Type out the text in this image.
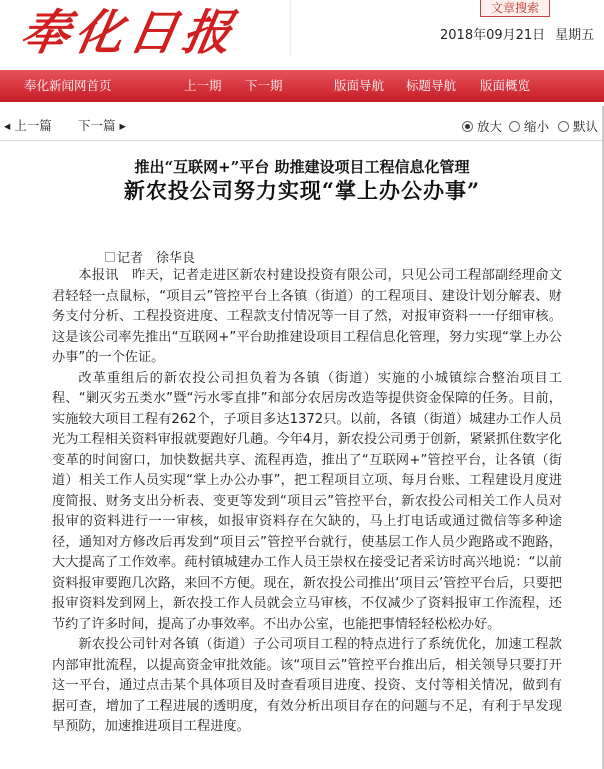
奉化日报	文章搜索
2018年09月21日 星期五
奉化新闻网首页	上一期 下一期	版面导航 标题导航 版面概览
◂ 上一篇 下一篇 ▸	放大	缩小	默认
推出“互联网+”平台 助推建设项目工程信息化管理
新农投公司努力实现“掌上办公办事”
记者　徐华良

本报讯　昨天，记者走进区新农村建设投资有限公司，只见公司工程部副经理俞文君轻轻一点鼠标，“项目云”管控平台上各镇（街道）的工程项目、建设计划分解表、财务支付分析、工程投资进度、工程款支付情况等一目了然，对报审资料一一仔细审核。这是该公司率先推出“互联网+”平台助推建设项目工程信息化管理，努力实现“掌上办公办事”的一个佐证。

改革重组后的新农投公司担负着为各镇（街道）实施的小城镇综合整治项目工程、“剿灭劣五类水”暨“污水零直排”和部分农居房改造等提供资金保障的任务。目前，实施较大项目工程有262个，子项目多达1372只。以前，各镇（街道）城建办工作人员光为工程相关资料审报就要跑好几趟。今年4月，新农投公司勇于创新，紧紧抓住数字化变革的时间窗口，加快数据共享、流程再造，推出了“互联网+”管控平台，让各镇（街道）相关工作人员实现“掌上办公办事”，把工程项目立项、每月台账、工程建设月度进度简报、财务支出分析表、变更等发到“项目云”管控平台，新农投公司相关工作人员对报审的资料进行一一审核，如报审资料存在欠缺的，马上打电话或通过微信等多种途径，通知对方修改后再发到“项目云”管控平台就行，使基层工作人员少跑路或不跑路，大大提高了工作效率。莼村镇城建办工作人员王崇权在接受记者采访时高兴地说：“以前资料报审要跑几次路，来回不方便。现在，新农投公司推出‘项目云’管控平台后，只要把报审资料发到网上，新农投工作人员就会立马审核，不仅减少了资料报审工作流程，还节约了许多时间，提高了办事效率。不出办公室，也能把事情轻轻松松办好。

新农投公司针对各镇（街道）子公司项目工程的特点进行了系统优化，加速工程款内部审批流程，以提高资金审批效能。该“项目云”管控平台推出后，相关领导只要打开这一平台，通过点击某个具体项目及时查看项目进度、投资、支付等相关情况，做到有据可查，增加了工程进展的透明度，有效分析出项目存在的问题与不足，有利于早发现早预防，加速推进项目工程进度。
